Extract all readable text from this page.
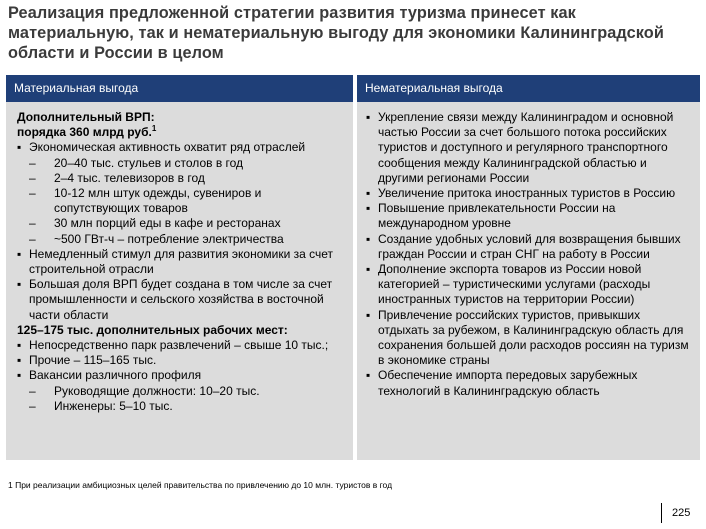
Реализация предложенной стратегии развития туризма принесет как материальную, так и нематериальную выгоду для экономики Калининградской области и России в целом
Материальная выгода	Нематериальная выгода
Дополнительный ВРП:
порядка 360 млрд руб.$^1$
▪ Экономическая активность охватит ряд отраслей
– 20–40 тыс. стульев и столов в год
– 2–4 тыс. телевизоров в год
– 10-12 млн штук одежды, сувениров и сопутствующих товаров
– 30 млн порций еды в кафе и ресторанах
– ~500 ГВт-ч – потребление электричества
▪ Немедленный стимул для развития экономики за счет строительной отрасли
▪ Большая доля ВРП будет создана в том числе за счет промышленности и сельского хозяйства в восточной части области
125–175 тыс. дополнительных рабочих мест:
▪ Непосредственно парк развлечений – свыше 10 тыс.;
▪ Прочие – 115–165 тыс.
▪ Вакансии различного профиля
– Руководящие должности: 10–20 тыс.
– Инженеры: 5–10 тыс.
▪ Укрепление связи между Калининградом и основной частью России за счет большого потока российских туристов и доступного и регулярного транспортного сообщения между Калининградской областью и другими регионами России
▪ Увеличение притока иностранных туристов в Россию
▪ Повышение привлекательности России на международном уровне
▪ Создание удобных условий для возвращения бывших граждан России и стран СНГ на работу в России
▪ Дополнение экспорта товаров из России новой категорией – туристическими услугами (расходы иностранных туристов на территории России)
▪ Привлечение российских туристов, привыкших отдыхать за рубежом, в Калининградскую область для сохранения большей доли расходов россиян на туризм в экономике страны
▪ Обеспечение импорта передовых зарубежных технологий в Калининградскую область
1 При реализации амбициозных целей правительства по привлечению до 10 млн. туристов в год
225
